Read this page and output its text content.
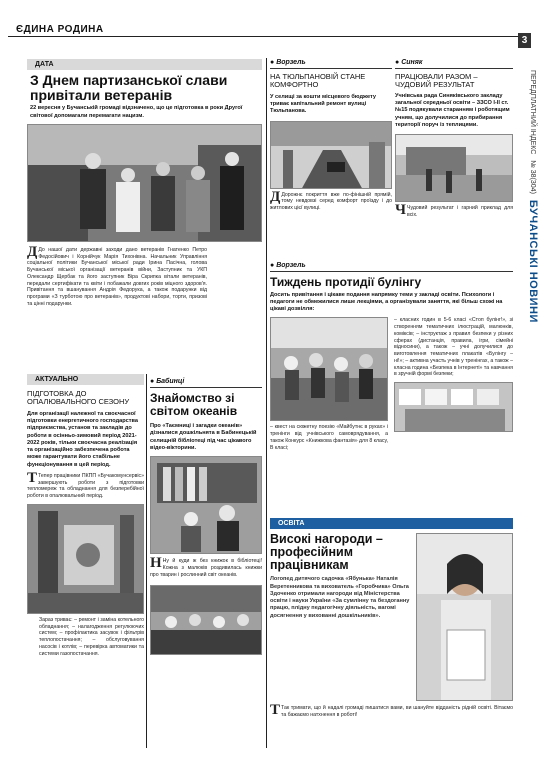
ЄДИНА РОДИНА
3
ПЕРЕДПЛАТНИЙ ІНДЕКС
№ 38(304)
БУЧАНСЬКІ НОВИНИ
ДАТА
З Днем партизанської слави привітали ветеранів
22 вересня у Бучанській громаді відзначено, що це підготовка в роки Другої світової допомагали перемагати нацизм.
Д До нашої дати державні заходи дано ветеранів Гнатенко Петро Федосійович і Корнійчук Марія Тихонівна. Начальник Управління соціальної політики Бучанської міської ради Ірина Пасічна, голова Бучанської міської організації ветеранів війни, Заступник та УКП Олександр Щербак та його заступник Віра Скрипка вітали ветеранів, передали сертифікати та квіти і побажали довгих років міцного здоров'я. Привітання та вшанування Андрія Федорука, а також подарунки від програми «З турботою про ветеранів», продуктові набори, торти, призові та цінні подарунки.
● Ворзель
НА ТЮЛЬПАНОВІЙ СТАНЕ КОМФОРТНО
У селищі за кошти місцевого бюджету триває капітальний ремонт вулиці Тюльпанова.
Д Дорожнє покриття вже по-фінішній прямій, тому невдовзі серед комфорт проїзду і до житлових цієї вулиці.
● Синяк
ПРАЦЮВАЛИ РАЗОМ – ЧУДОВИЙ РЕЗУЛЬТАТ
Учнівська рада Синяківського закладу загальної середньої освіти – ЗЗСО І-ІІ ст. №15 подякували старанням і роботящим учням, що долучилися до прибирання території поруч із теплицями.
Ч Чудовий результат і гарний приклад для всіх.
● Ворзель
Тиждень протидії булінгу
Досить привітання і цікаве подання напрямку теми у закладі освіти. Психологи і педагоги не обмежилися лише лекціями, а організували заняття, які більш схожі на цікаві дозвілля:
– квест на сюжетну поезію «Майбутнє в руках» і тренінги від учнівського самоврядування, а також Конкурс «Книжкова фантазія» для 8 класу, В класі;
– класних годин в 5-6 класі «Стоп булінг!», зі створенням тематичних ілюстрацій, малюнків, коміксів; – інструктаж з правил безпеки у різних сферах (дистанція, правила, ігри, сімейні відносини), а також – учні долучилися до виготовлення тематичних плакатів «Булінгу – ні!»; – активна участь учнів у тренінгах, а також – класна година «Безпека в Інтернеті» та навчання в зручній формі безпеки;
АКТУАЛЬНО
ПІДГОТОВКА ДО ОПАЛЮВАЛЬНОГО СЕЗОНУ
Для організації належної та своєчасної підготовки енергетичного господарства підприємства, установ та закладів до роботи в осінньо-зимовий період 2021-2022 років, тільки своєчасна реалізація та організаційно забезпечена робота може гарантувати його стабільне функціонування в цей період.
Т Тепер працівники ПКПП «Бучакомунсервіс» завершують роботи з підготовки тепломереж та обладнання для безперебійної роботи в опалювальний період.
Зараз триває: – ремонт і заміна котельного обладнання; – налагодження регулюючих систем; – профілактика засувок і фільтрів теплопостачання; – обслуговування насосів і котлів; – перевірка автоматики та системи газопостачання.
● Бабинці
Знайомство зі світом океанів
Про «Таємниці і загадки океанів» дізналися дошкільнята в Бабинецькій селищній бібліотеці під час цікавого відео-вікторини.
Н Ну й куди ж без книжок в бібліотеці! Кожна з малюків роздивилась книжки про тварин і рослинний світ океанів.
ОСВІТА
Високі нагороди – професійним працівникам
Логопед дитячого садочка «Ябунька» Наталія Веретенникова та вихователь «Горобчика» Ольга Здоченко отримали нагороди від Міністерства освіти і науки України «За сумлінну та бездоганну працю, плідну педагогічну діяльність, вагомі досягнення у вихованні дошкільників».
Т Так тримати, що й надалі громаді пишатися вами, ви шануйте відданість рідній освіті. Вітаємо та бажаємо натхнення в роботі!
